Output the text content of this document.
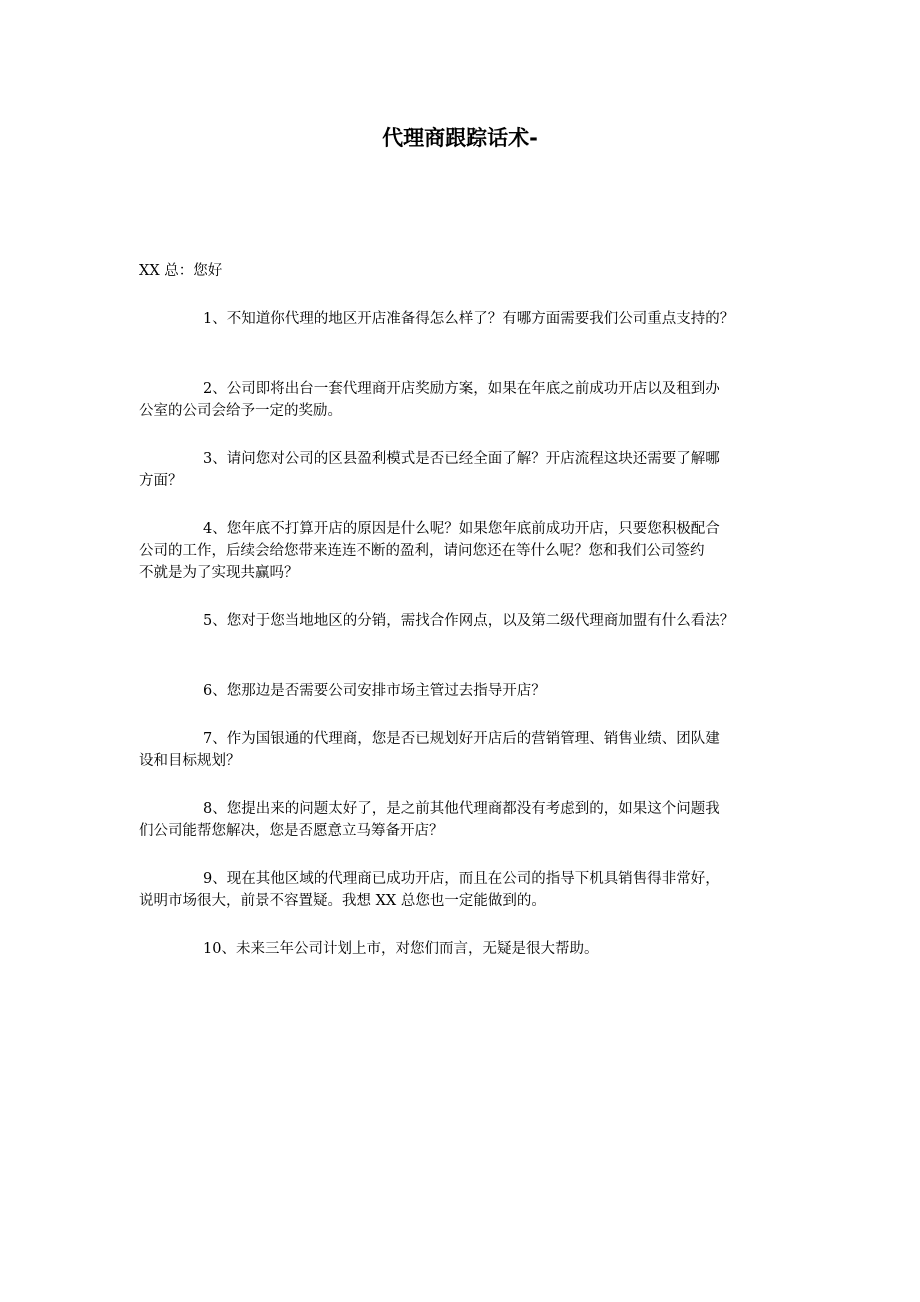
代理商跟踪话术-

XX 总：您好

1、不知道你代理的地区开店准备得怎么样了？有哪方面需要我们公司重点支持的？

2、公司即将出台一套代理商开店奖励方案，如果在年底之前成功开店以及租到办
公室的公司会给予一定的奖励。

3、请问您对公司的区县盈利模式是否已经全面了解？开店流程这块还需要了解哪
方面？

4、您年底不打算开店的原因是什么呢？如果您年底前成功开店，只要您积极配合
公司的工作，后续会给您带来连连不断的盈利，请问您还在等什么呢？您和我们公司签约
不就是为了实现共赢吗？

5、您对于您当地地区的分销，需找合作网点，以及第二级代理商加盟有什么看法？

6、您那边是否需要公司安排市场主管过去指导开店？

7、作为国银通的代理商，您是否已规划好开店后的营销管理、销售业绩、团队建
设和目标规划？

8、您提出来的问题太好了，是之前其他代理商都没有考虑到的，如果这个问题我
们公司能帮您解决，您是否愿意立马筹备开店？

9、现在其他区域的代理商已成功开店，而且在公司的指导下机具销售得非常好，
说明市场很大，前景不容置疑。我想 XX 总您也一定能做到的。

10、未来三年公司计划上市，对您们而言，无疑是很大帮助。
